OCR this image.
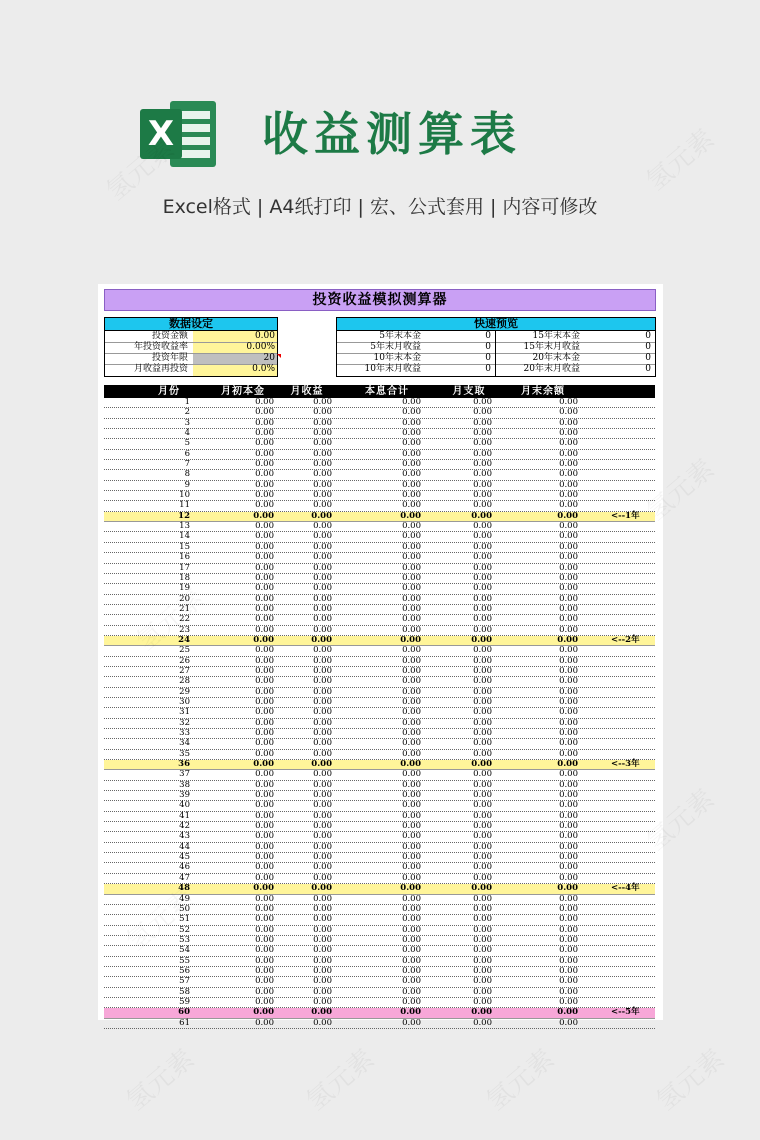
X 收益测算表
Excel格式 | A4纸打印 | 宏、公式套用 | 内容可修改
投资收益模拟测算器
数据设定
投资金额	0.00
年投资收益率	0.00%
投资年限	20
月收益再投资	0.0%
快速预览
5年末本金	0	15年末本金	0
5年末月收益	0	15年末月收益	0
10年末本金	0	20年末本金	0
10年末月收益	0	20年末月收益	0
月份	月初本金	月收益	本息合计	月支取	月末余额
1	0.00	0.00	0.00	0.00	0.00
2	0.00	0.00	0.00	0.00	0.00
3	0.00	0.00	0.00	0.00	0.00
4	0.00	0.00	0.00	0.00	0.00
5	0.00	0.00	0.00	0.00	0.00
6	0.00	0.00	0.00	0.00	0.00
7	0.00	0.00	0.00	0.00	0.00
8	0.00	0.00	0.00	0.00	0.00
9	0.00	0.00	0.00	0.00	0.00
10	0.00	0.00	0.00	0.00	0.00
11	0.00	0.00	0.00	0.00	0.00
12	0.00	0.00	0.00	0.00	0.00	<--1年
13	0.00	0.00	0.00	0.00	0.00
14	0.00	0.00	0.00	0.00	0.00
15	0.00	0.00	0.00	0.00	0.00
16	0.00	0.00	0.00	0.00	0.00
17	0.00	0.00	0.00	0.00	0.00
18	0.00	0.00	0.00	0.00	0.00
19	0.00	0.00	0.00	0.00	0.00
20	0.00	0.00	0.00	0.00	0.00
21	0.00	0.00	0.00	0.00	0.00
22	0.00	0.00	0.00	0.00	0.00
23	0.00	0.00	0.00	0.00	0.00
24	0.00	0.00	0.00	0.00	0.00	<--2年
25	0.00	0.00	0.00	0.00	0.00
26	0.00	0.00	0.00	0.00	0.00
27	0.00	0.00	0.00	0.00	0.00
28	0.00	0.00	0.00	0.00	0.00
29	0.00	0.00	0.00	0.00	0.00
30	0.00	0.00	0.00	0.00	0.00
31	0.00	0.00	0.00	0.00	0.00
32	0.00	0.00	0.00	0.00	0.00
33	0.00	0.00	0.00	0.00	0.00
34	0.00	0.00	0.00	0.00	0.00
35	0.00	0.00	0.00	0.00	0.00
36	0.00	0.00	0.00	0.00	0.00	<--3年
37	0.00	0.00	0.00	0.00	0.00
38	0.00	0.00	0.00	0.00	0.00
39	0.00	0.00	0.00	0.00	0.00
40	0.00	0.00	0.00	0.00	0.00
41	0.00	0.00	0.00	0.00	0.00
42	0.00	0.00	0.00	0.00	0.00
43	0.00	0.00	0.00	0.00	0.00
44	0.00	0.00	0.00	0.00	0.00
45	0.00	0.00	0.00	0.00	0.00
46	0.00	0.00	0.00	0.00	0.00
47	0.00	0.00	0.00	0.00	0.00
48	0.00	0.00	0.00	0.00	0.00	<--4年
49	0.00	0.00	0.00	0.00	0.00
50	0.00	0.00	0.00	0.00	0.00
51	0.00	0.00	0.00	0.00	0.00
52	0.00	0.00	0.00	0.00	0.00
53	0.00	0.00	0.00	0.00	0.00
54	0.00	0.00	0.00	0.00	0.00
55	0.00	0.00	0.00	0.00	0.00
56	0.00	0.00	0.00	0.00	0.00
57	0.00	0.00	0.00	0.00	0.00
58	0.00	0.00	0.00	0.00	0.00
59	0.00	0.00	0.00	0.00	0.00
60	0.00	0.00	0.00	0.00	0.00	<--5年
61	0.00	0.00	0.00	0.00	0.00
